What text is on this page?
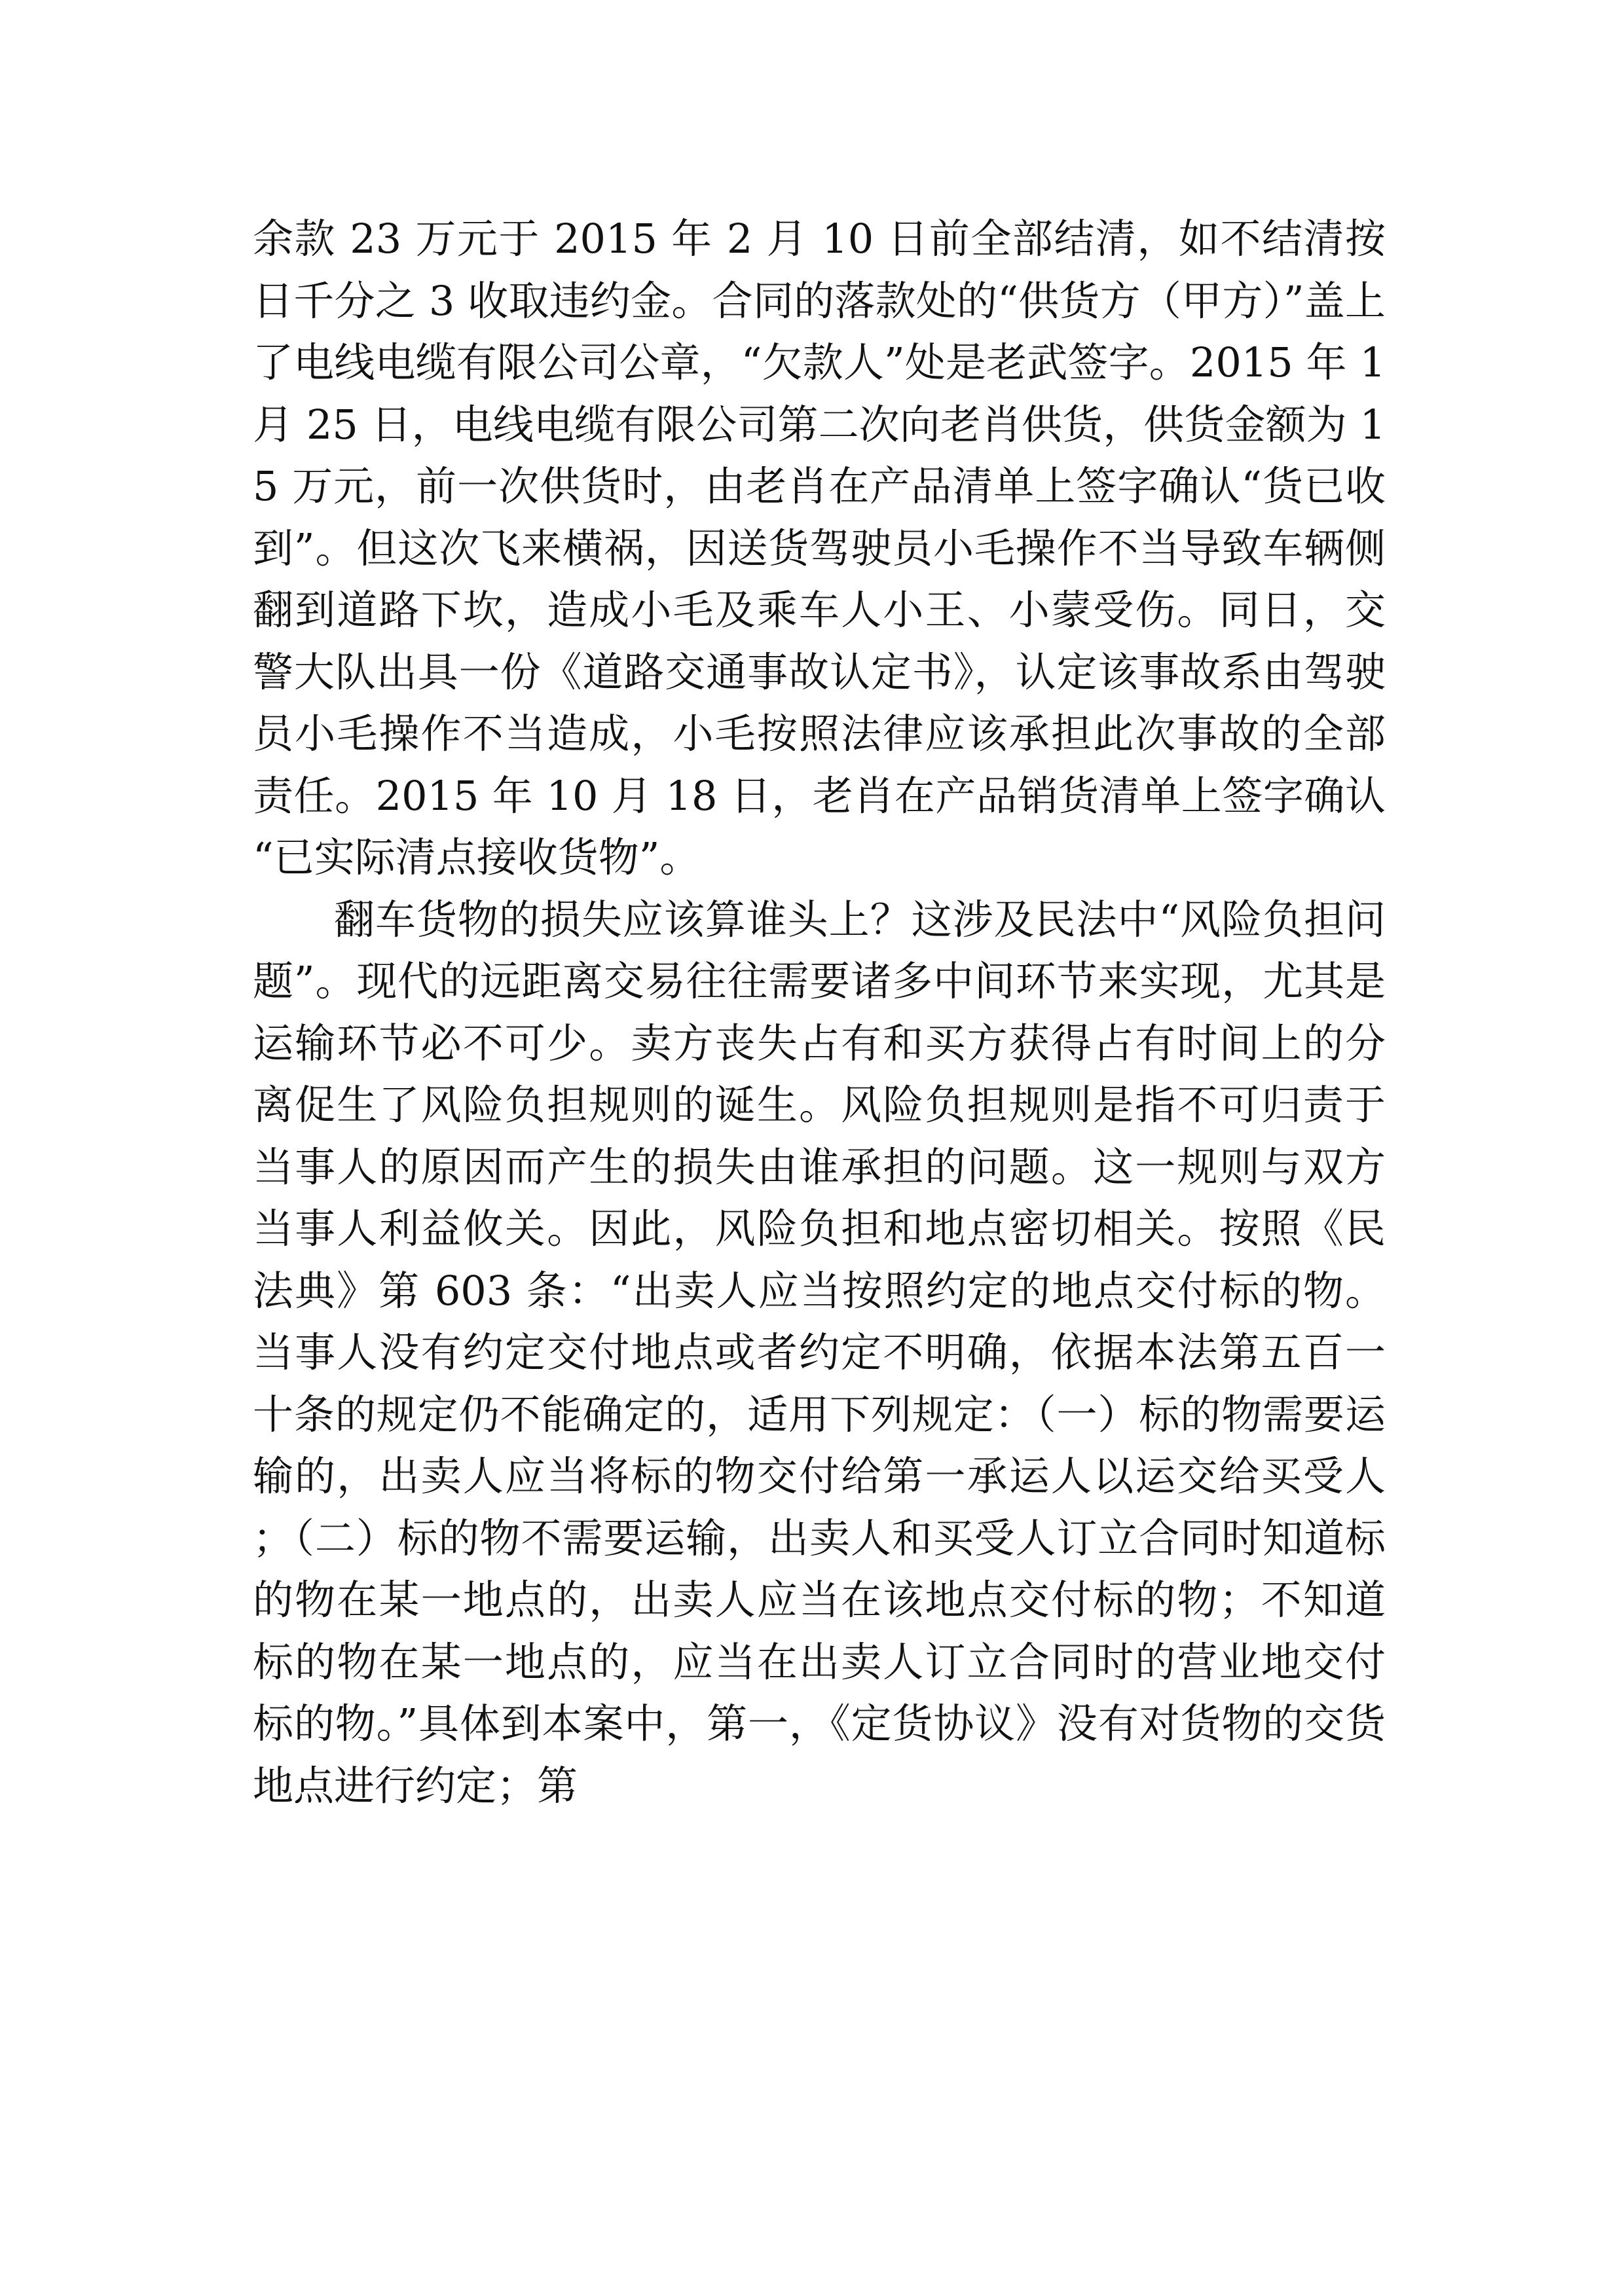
余款 23 万元于 2015 年 2 月 10 日前全部结清，如不结清按日千分之 3 收取违约金。合同的落款处的“供货方（甲方）”盖上了电线电缆有限公司公章，“欠款人”处是老武签字。2015 年 1 月 25 日，电线电缆有限公司第二次向老肖供货，供货金额为 15 万元，前一次供货时，由老肖在产品清单上签字确认“货已收到”。但这次飞来横祸，因送货驾驶员小毛操作不当导致车辆侧翻到道路下坎，造成小毛及乘车人小王、小蒙受伤。同日，交警大队出具一份《道路交通事故认定书》，认定该事故系由驾驶员小毛操作不当造成，小毛按照法律应该承担此次事故的全部责任。2015 年 10 月 18 日，老肖在产品销货清单上签字确认“已实际清点接收货物”。

翻车货物的损失应该算谁头上？这涉及民法中“风险负担问题”。现代的远距离交易往往需要诸多中间环节来实现，尤其是运输环节必不可少。卖方丧失占有和买方获得占有时间上的分离促生了风险负担规则的诞生。风险负担规则是指不可归责于当事人的原因而产生的损失由谁承担的问题。这一规则与双方当事人利益攸关。因此，风险负担和地点密切相关。按照《民法典》第 603 条：“出卖人应当按照约定的地点交付标的物。当事人没有约定交付地点或者约定不明确，依据本法第五百一十条的规定仍不能确定的，适用下列规定：（一）标的物需要运输的，出卖人应当将标的物交付给第一承运人以运交给买受人；（二）标的物不需要运输，出卖人和买受人订立合同时知道标的物在某一地点的，出卖人应当在该地点交付标的物；不知道标的物在某一地点的，应当在出卖人订立合同时的营业地交付标的物。”具体到本案中，第一，《定货协议》没有对货物的交货地点进行约定；第
